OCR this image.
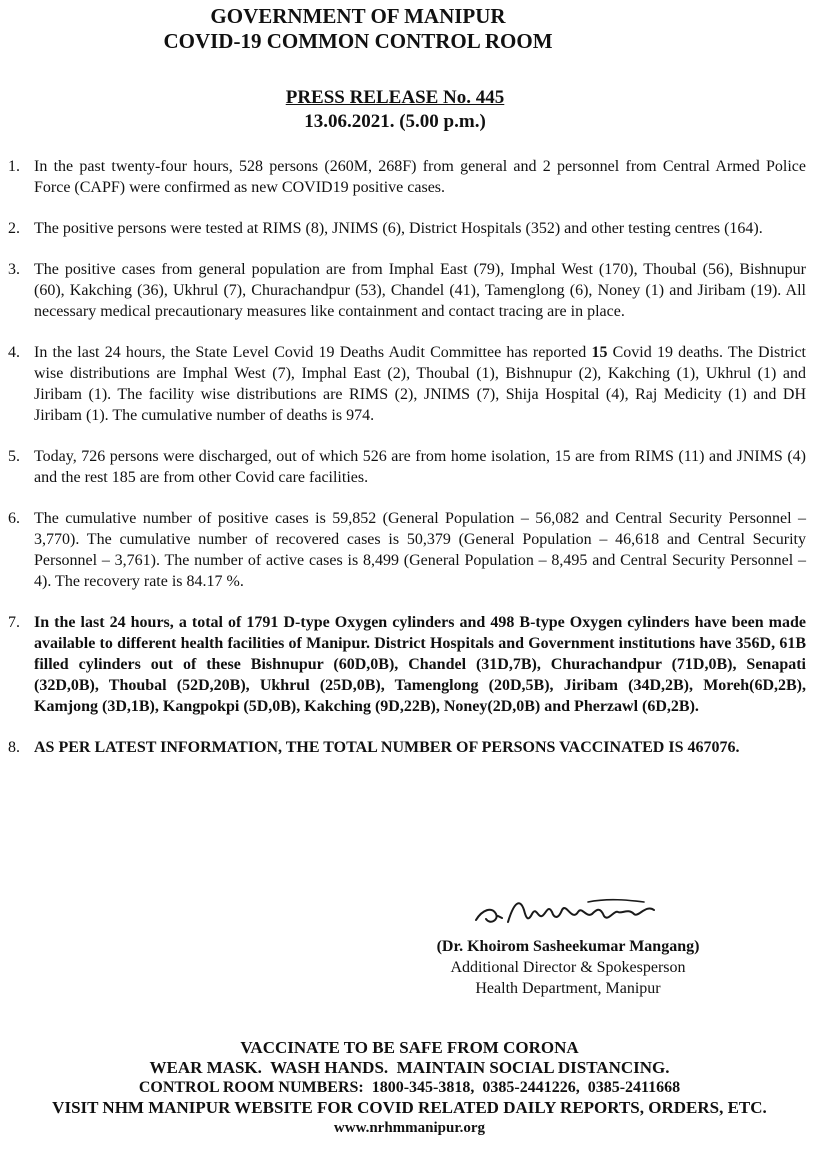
GOVERNMENT OF MANIPUR
COVID-19 COMMON CONTROL ROOM
PRESS RELEASE No. 445
13.06.2021. (5.00 p.m.)
1. In the past twenty-four hours, 528 persons (260M, 268F) from general and 2 personnel from Central Armed Police Force (CAPF) were confirmed as new COVID19 positive cases.
2. The positive persons were tested at RIMS (8), JNIMS (6), District Hospitals (352) and other testing centres (164).
3. The positive cases from general population are from Imphal East (79), Imphal West (170), Thoubal (56), Bishnupur (60), Kakching (36), Ukhrul (7), Churachandpur (53), Chandel (41), Tamenglong (6), Noney (1) and Jiribam (19). All necessary medical precautionary measures like containment and contact tracing are in place.
4. In the last 24 hours, the State Level Covid 19 Deaths Audit Committee has reported 15 Covid 19 deaths. The District wise distributions are Imphal West (7), Imphal East (2), Thoubal (1), Bishnupur (2), Kakching (1), Ukhrul (1) and Jiribam (1). The facility wise distributions are RIMS (2), JNIMS (7), Shija Hospital (4), Raj Medicity (1) and DH Jiribam (1). The cumulative number of deaths is 974.
5. Today, 726 persons were discharged, out of which 526 are from home isolation, 15 are from RIMS (11) and JNIMS (4) and the rest 185 are from other Covid care facilities.
6. The cumulative number of positive cases is 59,852 (General Population – 56,082 and Central Security Personnel – 3,770). The cumulative number of recovered cases is 50,379 (General Population – 46,618 and Central Security Personnel – 3,761). The number of active cases is 8,499 (General Population – 8,495 and Central Security Personnel – 4). The recovery rate is 84.17 %.
7. In the last 24 hours, a total of 1791 D-type Oxygen cylinders and 498 B-type Oxygen cylinders have been made available to different health facilities of Manipur. District Hospitals and Government institutions have 356D, 61B filled cylinders out of these Bishnupur (60D,0B), Chandel (31D,7B), Churachandpur (71D,0B), Senapati (32D,0B), Thoubal (52D,20B), Ukhrul (25D,0B), Tamenglong (20D,5B), Jiribam (34D,2B), Moreh(6D,2B), Kamjong (3D,1B), Kangpokpi (5D,0B), Kakching (9D,22B), Noney(2D,0B) and Pherzawl (6D,2B).
8. AS PER LATEST INFORMATION, THE TOTAL NUMBER OF PERSONS VACCINATED IS 467076.
(Dr. Khoirom Sasheekumar Mangang)
Additional Director & Spokesperson
Health Department, Manipur
VACCINATE TO BE SAFE FROM CORONA
WEAR MASK.  WASH HANDS.  MAINTAIN SOCIAL DISTANCING.
CONTROL ROOM NUMBERS:  1800-345-3818,  0385-2441226,  0385-2411668
VISIT NHM MANIPUR WEBSITE FOR COVID RELATED DAILY REPORTS, ORDERS, ETC.
www.nrhmmanipur.org
